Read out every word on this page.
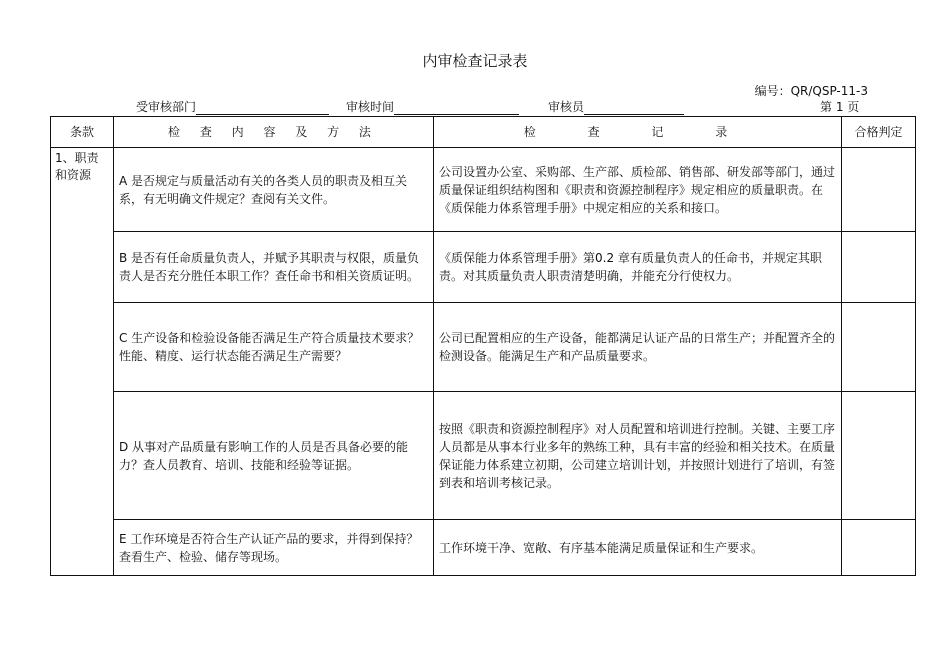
内审检查记录表
编号：QR/QSP-11-3
受审核部门	审核时间	审核员	第 1 页
条款	检 查 内 容 及 方 法	检 查 记 录	合格判定
1、职责和资源	A 是否规定与质量活动有关的各类人员的职责及相互关系，有无明确文件规定？查阅有关文件。	公司设置办公室、采购部、生产部、质检部、销售部、研发部等部门，通过质量保证组织结构图和《职责和资源控制程序》规定相应的质量职责。在《质保能力体系管理手册》中规定相应的关系和接口。	
	B 是否有任命质量负责人，并赋予其职责与权限，质量负责人是否充分胜任本职工作？查任命书和相关资质证明。	《质保能力体系管理手册》第0.2 章有质量负责人的任命书，并规定其职责。对其质量负责人职责清楚明确，并能充分行使权力。	
	C 生产设备和检验设备能否满足生产符合质量技术要求？性能、精度、运行状态能否满足生产需要？	公司已配置相应的生产设备，能都满足认证产品的日常生产；并配置齐全的检测设备。能满足生产和产品质量要求。	
	D 从事对产品质量有影响工作的人员是否具备必要的能力？查人员教育、培训、技能和经验等证据。	按照《职责和资源控制程序》对人员配置和培训进行控制。关键、主要工序人员都是从事本行业多年的熟练工种，具有丰富的经验和相关技术。在质量保证能力体系建立初期，公司建立培训计划，并按照计划进行了培训，有签到表和培训考核记录。	
	E 工作环境是否符合生产认证产品的要求，并得到保持？查看生产、检验、储存等现场。	工作环境干净、宽敞、有序基本能满足质量保证和生产要求。	
